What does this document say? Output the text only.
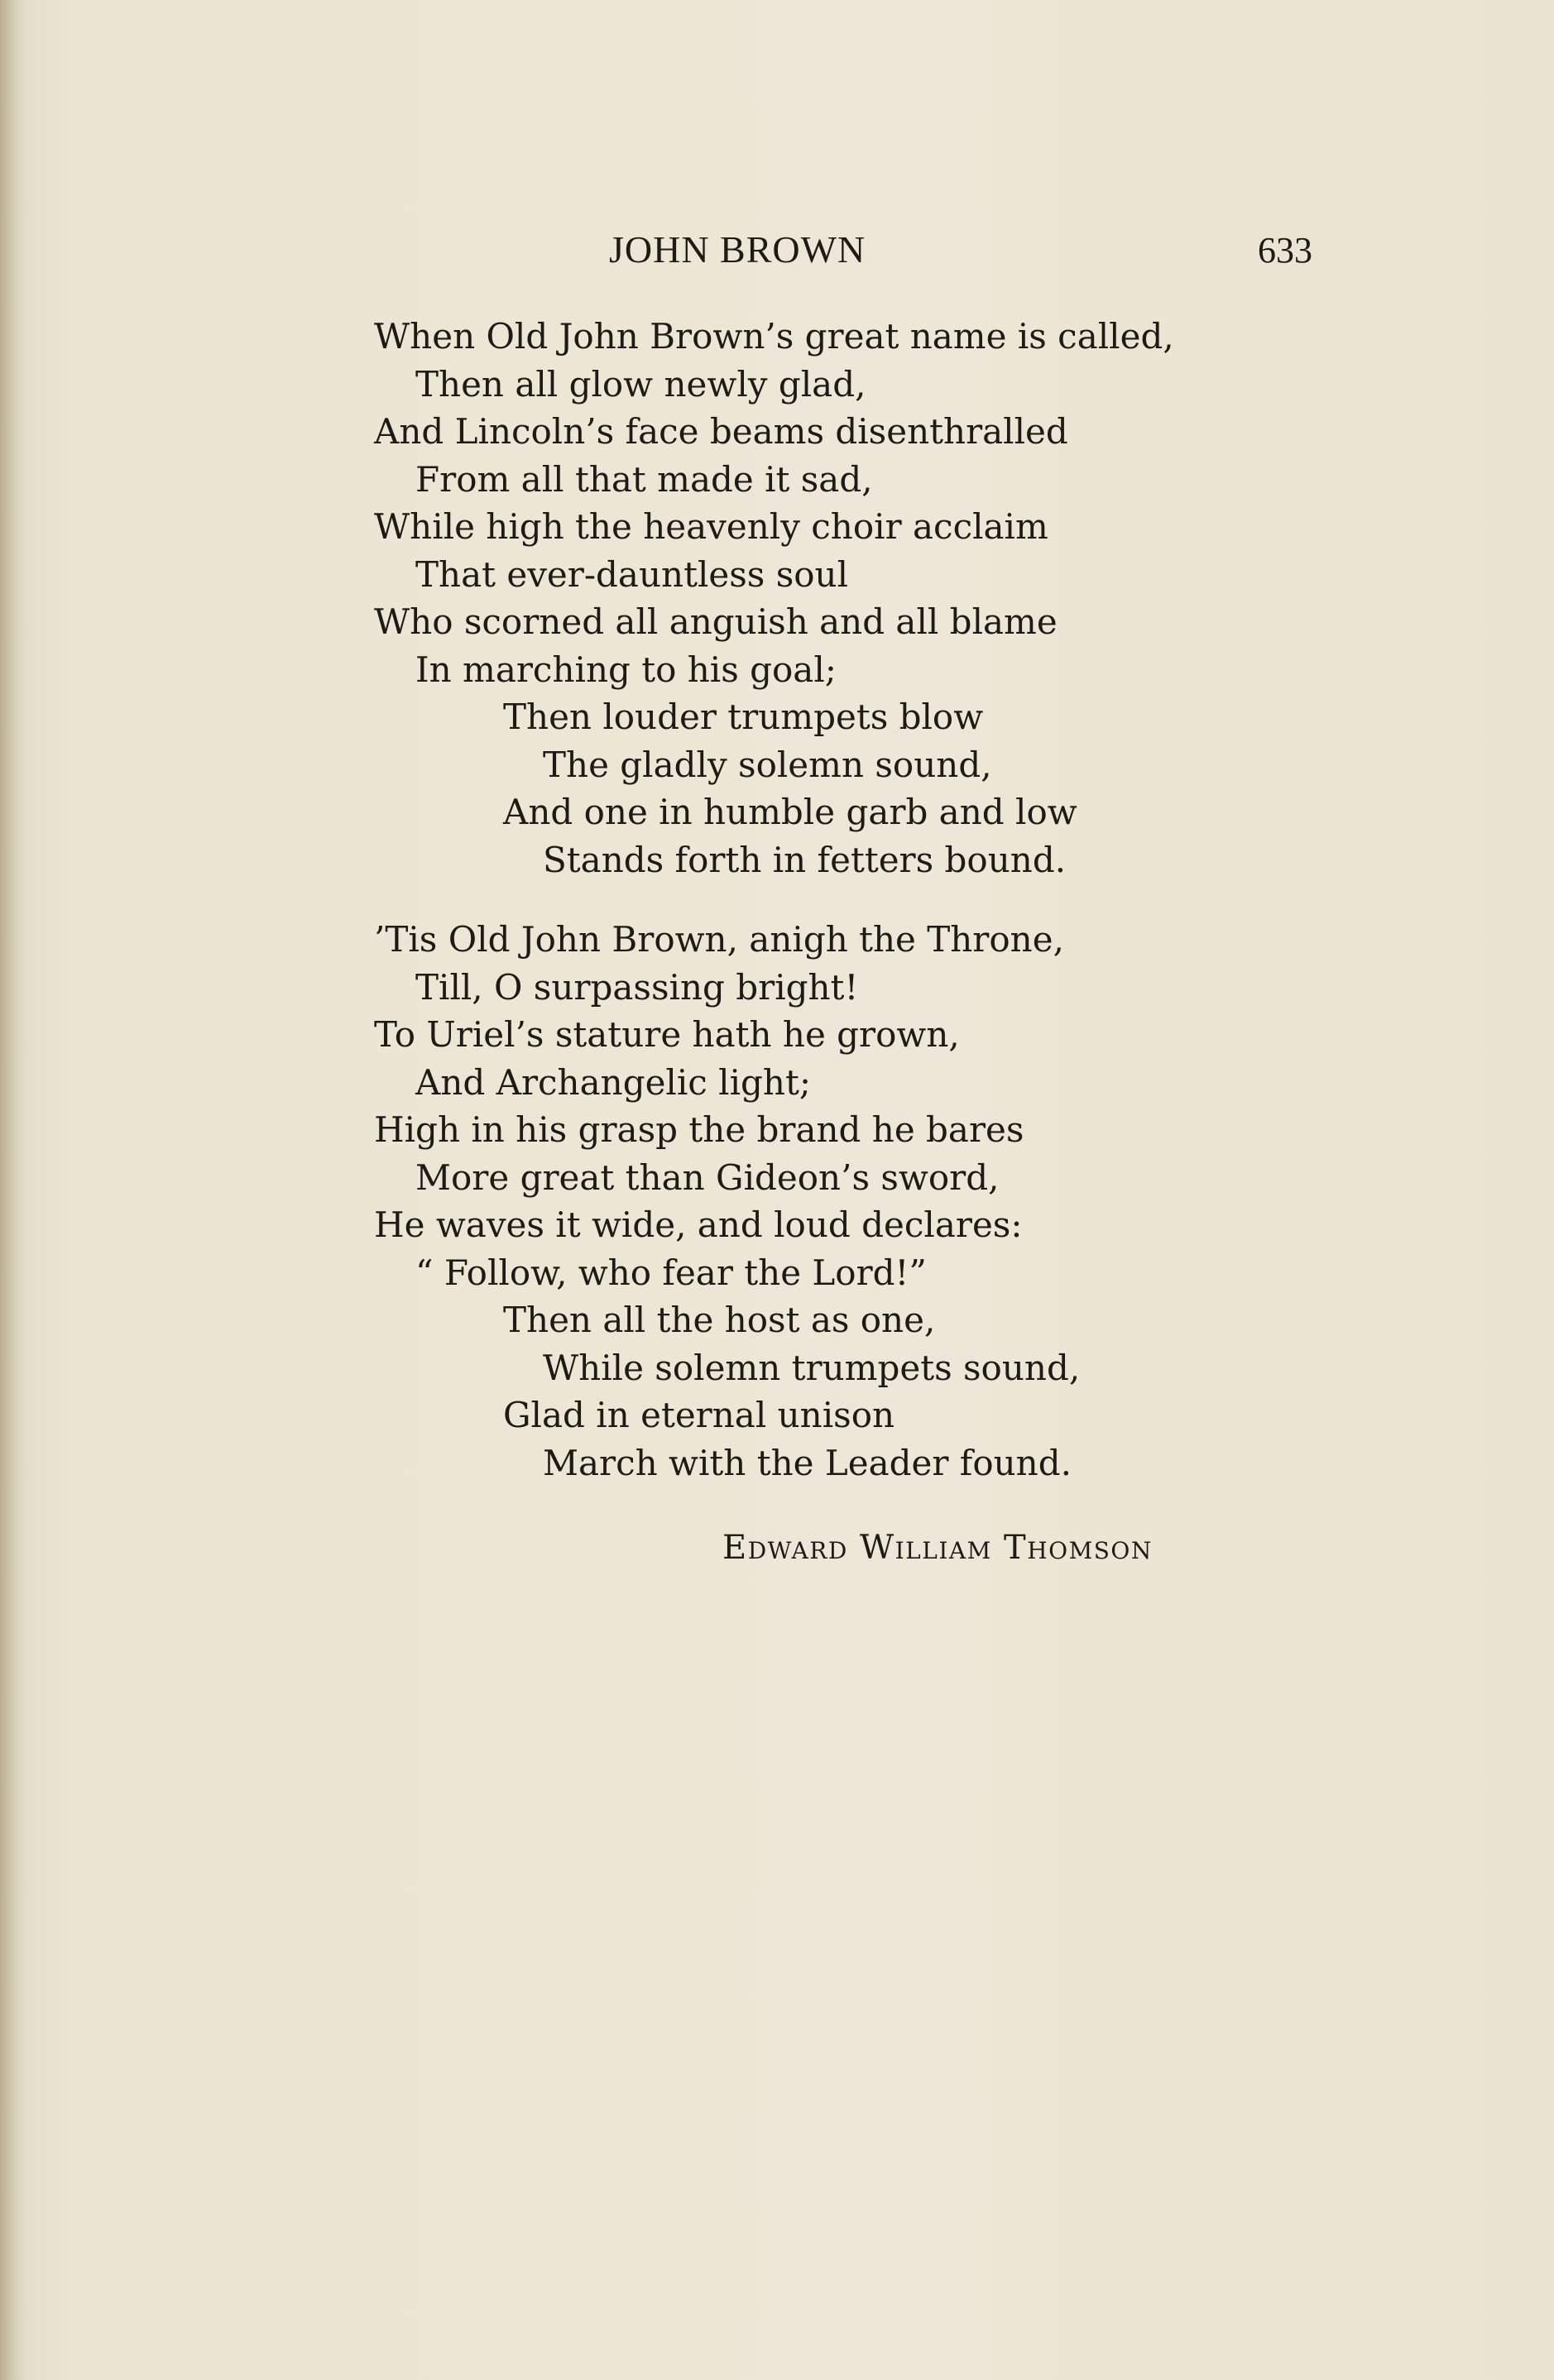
JOHN BROWN	633
When Old John Brown’s great name is called,
Then all glow newly glad,
And Lincoln’s face beams disenthralled
From all that made it sad,
While high the heavenly choir acclaim
That ever-dauntless soul
Who scorned all anguish and all blame
In marching to his goal;
Then louder trumpets blow
The gladly solemn sound,
And one in humble garb and low
Stands forth in fetters bound.
’Tis Old John Brown, anigh the Throne,
Till, O surpassing bright!
To Uriel’s stature hath he grown,
And Archangelic light;
High in his grasp the brand he bares
More great than Gideon’s sword,
He waves it wide, and loud declares:
“ Follow, who fear the Lord!”
Then all the host as one,
While solemn trumpets sound,
Glad in eternal unison
March with the Leader found.
Edward William Thomson
